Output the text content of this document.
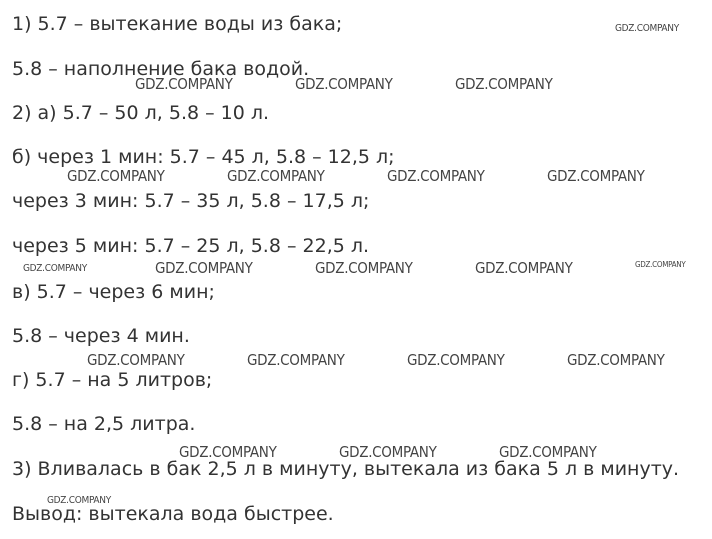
1) 5.7 – вытекание воды из бака;
5.8 – наполнение бака водой.
2) а) 5.7 – 50 л, 5.8 – 10 л.
б) через 1 мин: 5.7 – 45 л, 5.8 – 12,5 л;
через 3 мин: 5.7 – 35 л, 5.8 – 17,5 л;
через 5 мин: 5.7 – 25 л, 5.8 – 22,5 л.
в) 5.7 – через 6 мин;
5.8 – через 4 мин.
г) 5.7 – на 5 литров;
5.8 – на 2,5 литра.
3) Вливалась в бак 2,5 л в минуту, вытекала из бака 5 л в минуту.
Вывод: вытекала вода быстрее.
GDZ.COMPANY
GDZ.COMPANY	GDZ.COMPANY	GDZ.COMPANY
GDZ.COMPANY	GDZ.COMPANY	GDZ.COMPANY	GDZ.COMPANY
GDZ.COMPANY	GDZ.COMPANY	GDZ.COMPANY	GDZ.COMPANY	GDZ.COMPANY
GDZ.COMPANY	GDZ.COMPANY	GDZ.COMPANY	GDZ.COMPANY
GDZ.COMPANY	GDZ.COMPANY	GDZ.COMPANY
GDZ.COMPANY
